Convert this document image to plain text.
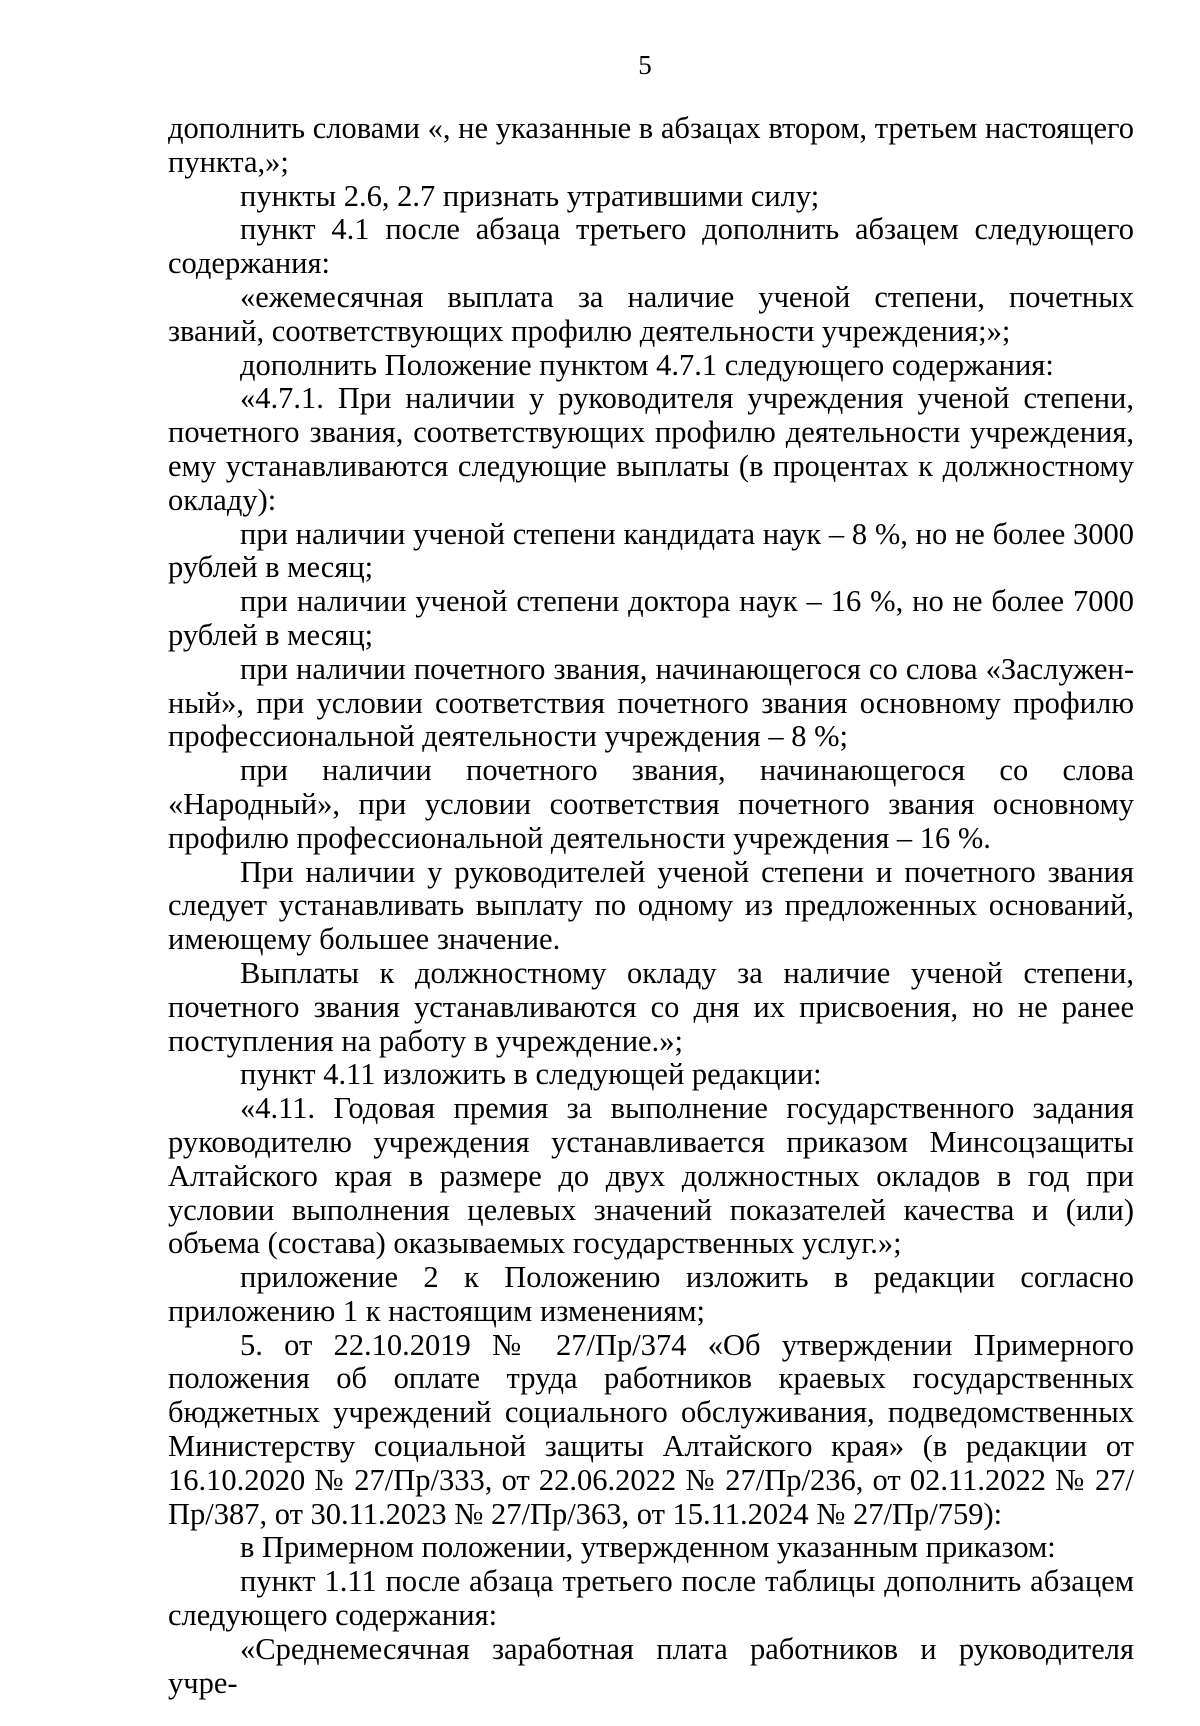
5

дополнить словами «, не указанные в абзацах втором, третьем настоящего пункта,»;

пункты 2.6, 2.7 признать утратившими силу;

пункт 4.1 после абзаца третьего дополнить абзацем следующего содержания:

«ежемесячная выплата за наличие ученой степени, почетных званий, соответствующих профилю деятельности учреждения;»;

дополнить Положение пунктом 4.7.1 следующего содержания:

«4.7.1. При наличии у руководителя учреждения ученой степени, почетного звания, соответствующих профилю деятельности учреждения, ему устанавливаются следующие выплаты (в процентах к должностному окладу):

при наличии ученой степени кандидата наук – 8 %, но не более 3000 рублей в месяц;

при наличии ученой степени доктора наук – 16 %, но не более 7000 рублей в месяц;

при наличии почетного звания, начинающегося со слова «Заслуженный», при условии соответствия почетного звания основному профилю профессиональной деятельности учреждения – 8 %;

при наличии почетного звания, начинающегося со слова «Народный», при условии соответствия почетного звания основному профилю профессиональной деятельности учреждения – 16 %.

При наличии у руководителей ученой степени и почетного звания следует устанавливать выплату по одному из предложенных оснований, имеющему большее значение.

Выплаты к должностному окладу за наличие ученой степени, почетного звания устанавливаются со дня их присвоения, но не ранее поступления на работу в учреждение.»;

пункт 4.11 изложить в следующей редакции:

«4.11. Годовая премия за выполнение государственного задания руководителю учреждения устанавливается приказом Минсоцзащиты Алтайского края в размере до двух должностных окладов в год при условии выполнения целевых значений показателей качества и (или) объема (состава) оказываемых государственных услуг.»;

приложение 2 к Положению изложить в редакции согласно приложению 1 к настоящим изменениям;

5. от 22.10.2019 № 27/Пр/374 «Об утверждении Примерного положения об оплате труда работников краевых государственных бюджетных учреждений социального обслуживания, подведомственных Министерству социальной защиты Алтайского края» (в редакции от 16.10.2020 № 27/Пр/333, от 22.06.2022 № 27/Пр/236, от 02.11.2022 № 27/Пр/387, от 30.11.2023 № 27/Пр/363, от 15.11.2024 № 27/Пр/759):

в Примерном положении, утвержденном указанным приказом:

пункт 1.11 после абзаца третьего после таблицы дополнить абзацем следующего содержания:

«Среднемесячная заработная плата работников и руководителя учре-
